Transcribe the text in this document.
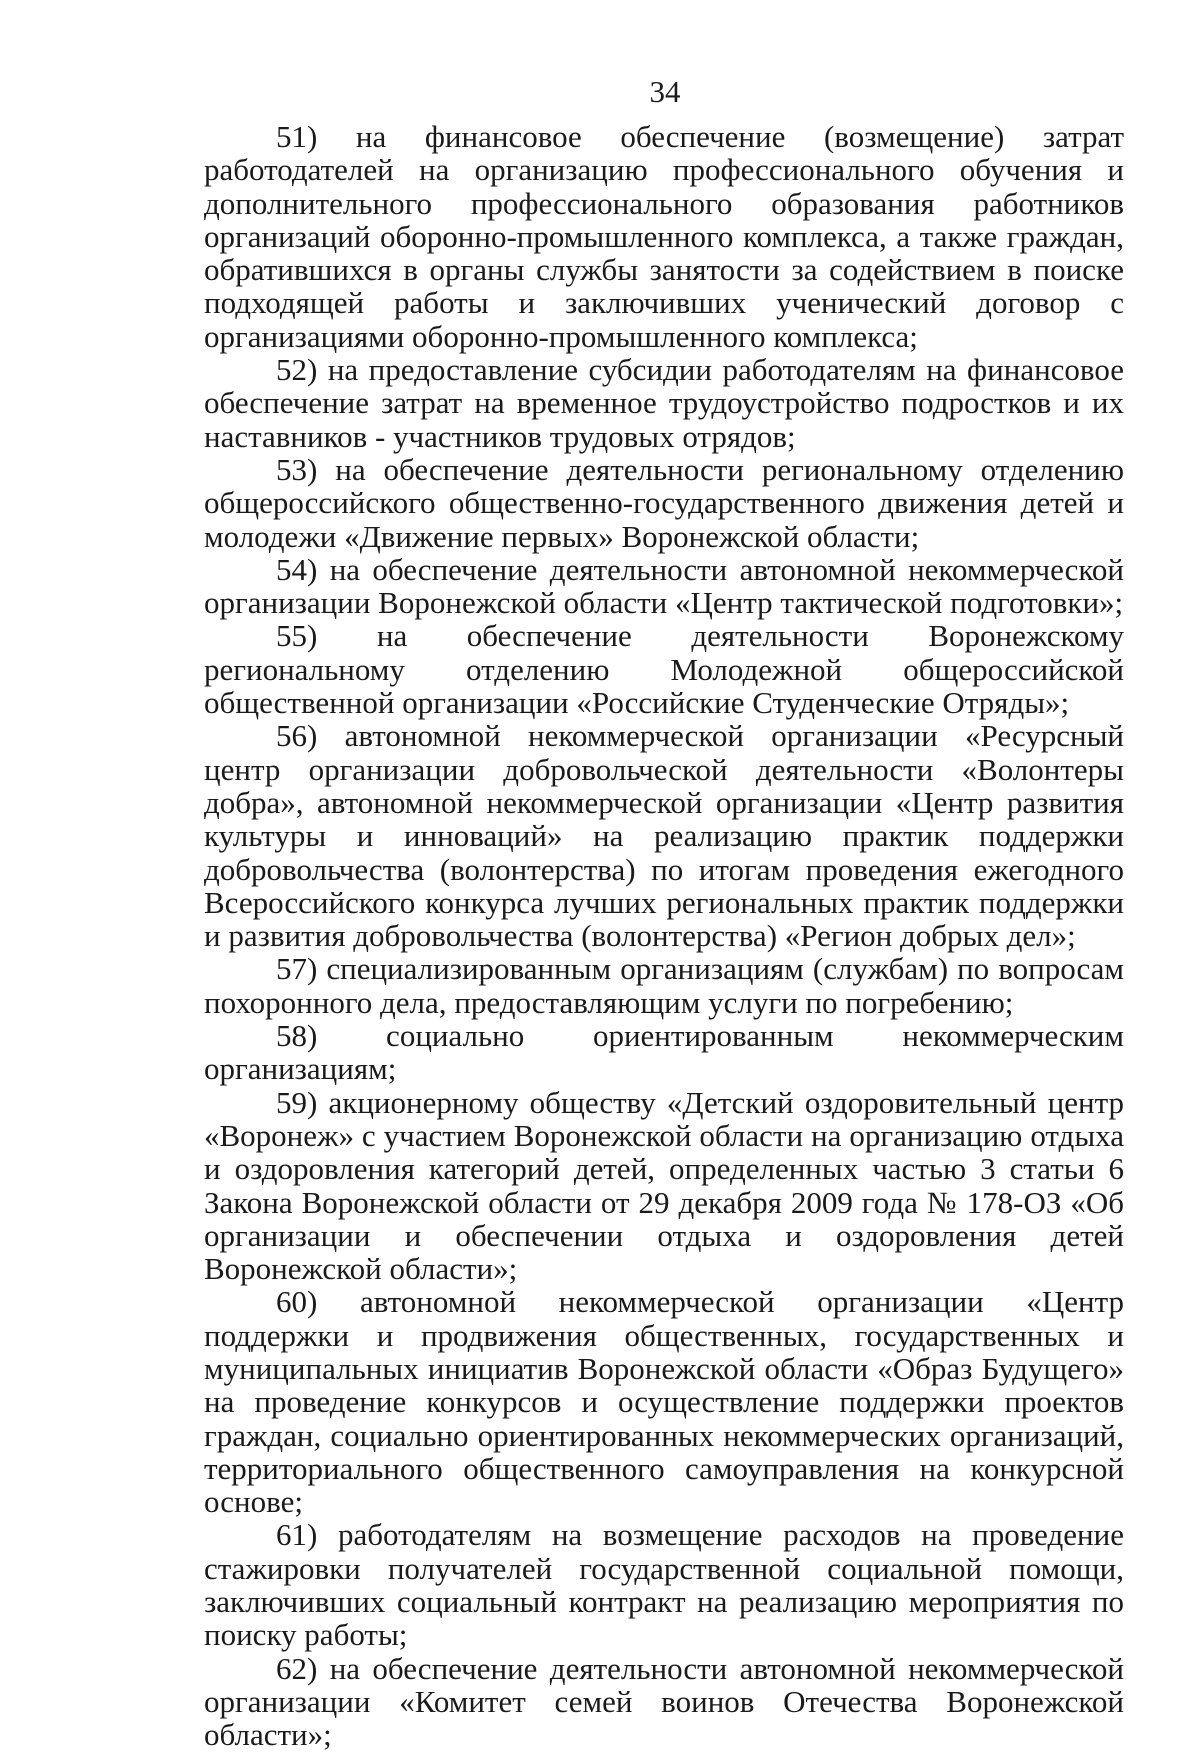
34

51) на финансовое обеспечение (возмещение) затрат работодателей на организацию профессионального обучения и дополнительного профессионального образования работников организаций оборонно-промышленного комплекса, а также граждан, обратившихся в органы службы занятости за содействием в поиске подходящей работы и заключивших ученический договор с организациями оборонно-промышленного комплекса;

52) на предоставление субсидии работодателям на финансовое обеспечение затрат на временное трудоустройство подростков и их наставников - участников трудовых отрядов;

53) на обеспечение деятельности региональному отделению общероссийского общественно-государственного движения детей и молодежи «Движение первых» Воронежской области;

54) на обеспечение деятельности автономной некоммерческой организации Воронежской области «Центр тактической подготовки»;

55) на обеспечение деятельности Воронежскому региональному отделению Молодежной общероссийской общественной организации «Российские Студенческие Отряды»;

56) автономной некоммерческой организации «Ресурсный центр организации добровольческой деятельности «Волонтеры добра», автономной некоммерческой организации «Центр развития культуры и инноваций» на реализацию практик поддержки добровольчества (волонтерства) по итогам проведения ежегодного Всероссийского конкурса лучших региональных практик поддержки и развития добровольчества (волонтерства) «Регион добрых дел»;

57) специализированным организациям (службам) по вопросам похоронного дела, предоставляющим услуги по погребению;

58) социально ориентированным некоммерческим организациям;

59) акционерному обществу «Детский оздоровительный центр «Воронеж» с участием Воронежской области на организацию отдыха и оздоровления категорий детей, определенных частью 3 статьи 6 Закона Воронежской области от 29 декабря 2009 года № 178-ОЗ «Об организации и обеспечении отдыха и оздоровления детей Воронежской области»;

60) автономной некоммерческой организации «Центр поддержки и продвижения общественных, государственных и муниципальных инициатив Воронежской области «Образ Будущего» на проведение конкурсов и осуществление поддержки проектов граждан, социально ориентированных некоммерческих организаций, территориального общественного самоуправления на конкурсной основе;

61) работодателям на возмещение расходов на проведение стажировки получателей государственной социальной помощи, заключивших социальный контракт на реализацию мероприятия по поиску работы;

62) на обеспечение деятельности автономной некоммерческой организации «Комитет семей воинов Отечества Воронежской области»;
